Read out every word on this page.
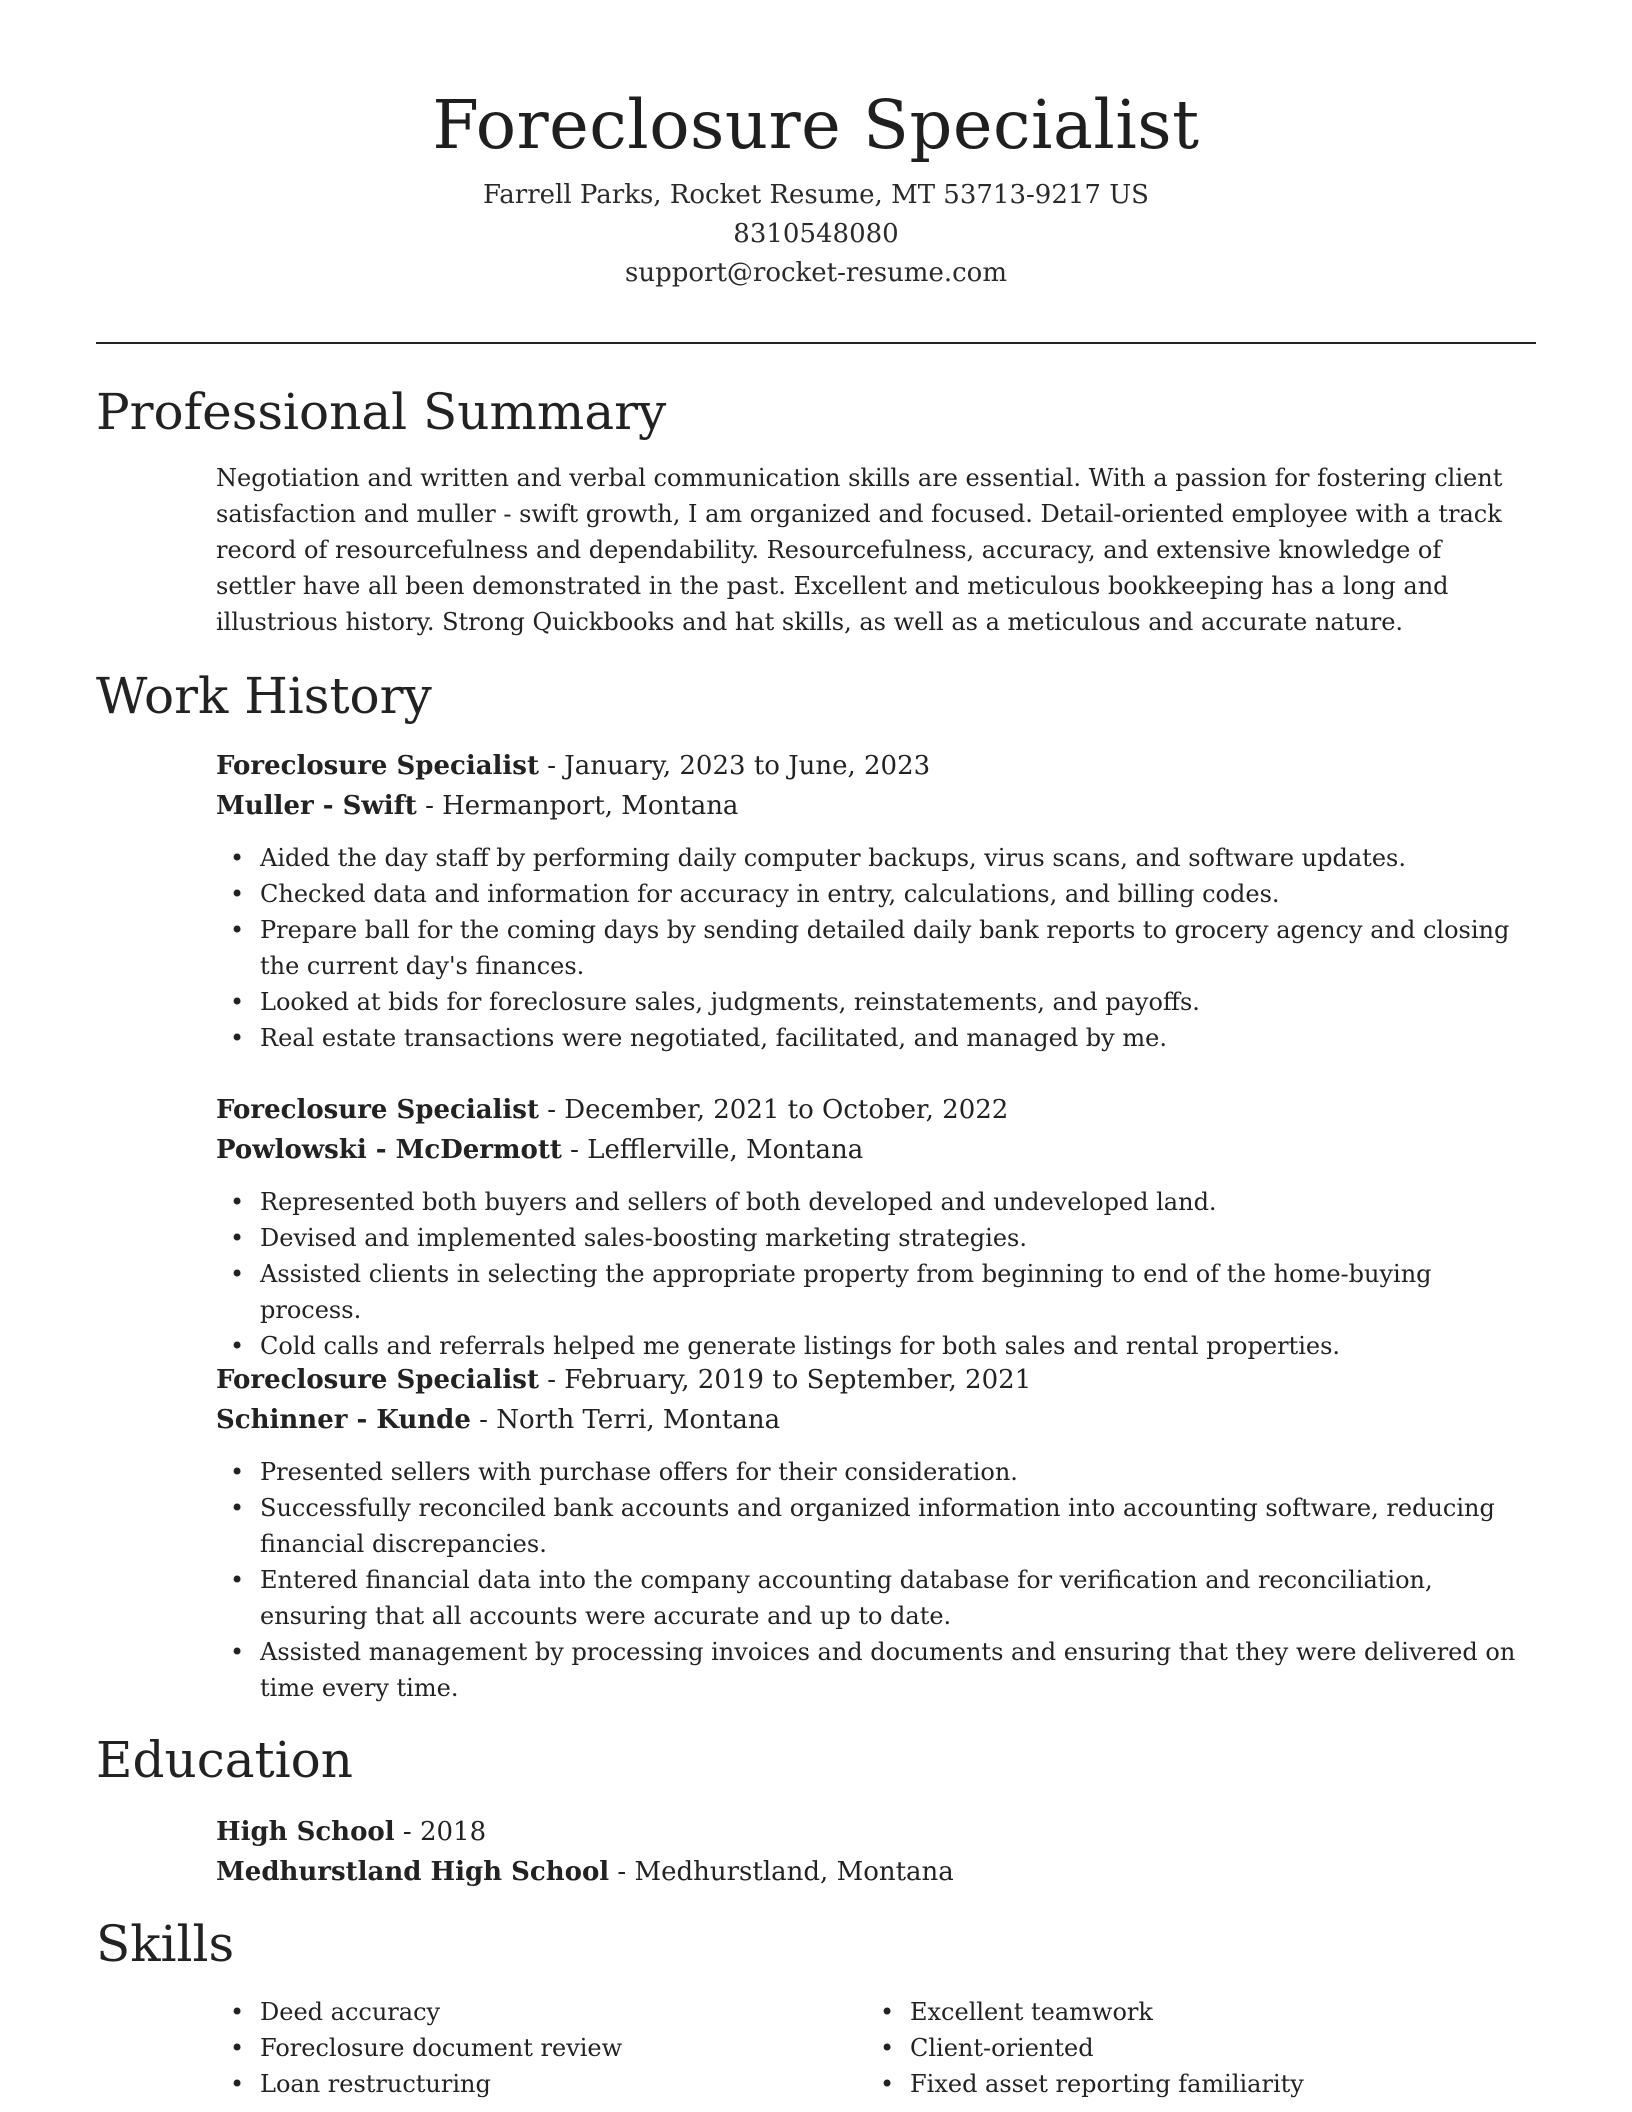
Foreclosure Specialist

Farrell Parks, Rocket Resume, MT 53713-9217 US

8310548080

support@rocket-resume.com

Professional Summary

Negotiation and written and verbal communication skills are essential. With a passion for fostering client satisfaction and muller - swift growth, I am organized and focused. Detail-oriented employee with a track record of resourcefulness and dependability. Resourcefulness, accuracy, and extensive knowledge of settler have all been demonstrated in the past. Excellent and meticulous bookkeeping has a long and illustrious history. Strong Quickbooks and hat skills, as well as a meticulous and accurate nature.

Work History

Foreclosure Specialist - January, 2023 to June, 2023

Muller - Swift - Hermanport, Montana

• Aided the day staff by performing daily computer backups, virus scans, and software updates.
• Checked data and information for accuracy in entry, calculations, and billing codes.
• Prepare ball for the coming days by sending detailed daily bank reports to grocery agency and closing the current day's finances.
• Looked at bids for foreclosure sales, judgments, reinstatements, and payoffs.
• Real estate transactions were negotiated, facilitated, and managed by me.

Foreclosure Specialist - December, 2021 to October, 2022

Powlowski - McDermott - Lefflerville, Montana

• Represented both buyers and sellers of both developed and undeveloped land.
• Devised and implemented sales-boosting marketing strategies.
• Assisted clients in selecting the appropriate property from beginning to end of the home-buying process.
• Cold calls and referrals helped me generate listings for both sales and rental properties.

Foreclosure Specialist - February, 2019 to September, 2021

Schinner - Kunde - North Terri, Montana

• Presented sellers with purchase offers for their consideration.
• Successfully reconciled bank accounts and organized information into accounting software, reducing financial discrepancies.
• Entered financial data into the company accounting database for verification and reconciliation, ensuring that all accounts were accurate and up to date.
• Assisted management by processing invoices and documents and ensuring that they were delivered on time every time.
Education

High School - 2018

Medhurstland High School - Medhurstland, Montana

Skills
• Deed accuracy
• Foreclosure document review
• Loan restructuring
• Excellent teamwork
• Client-oriented
• Fixed asset reporting familiarity
